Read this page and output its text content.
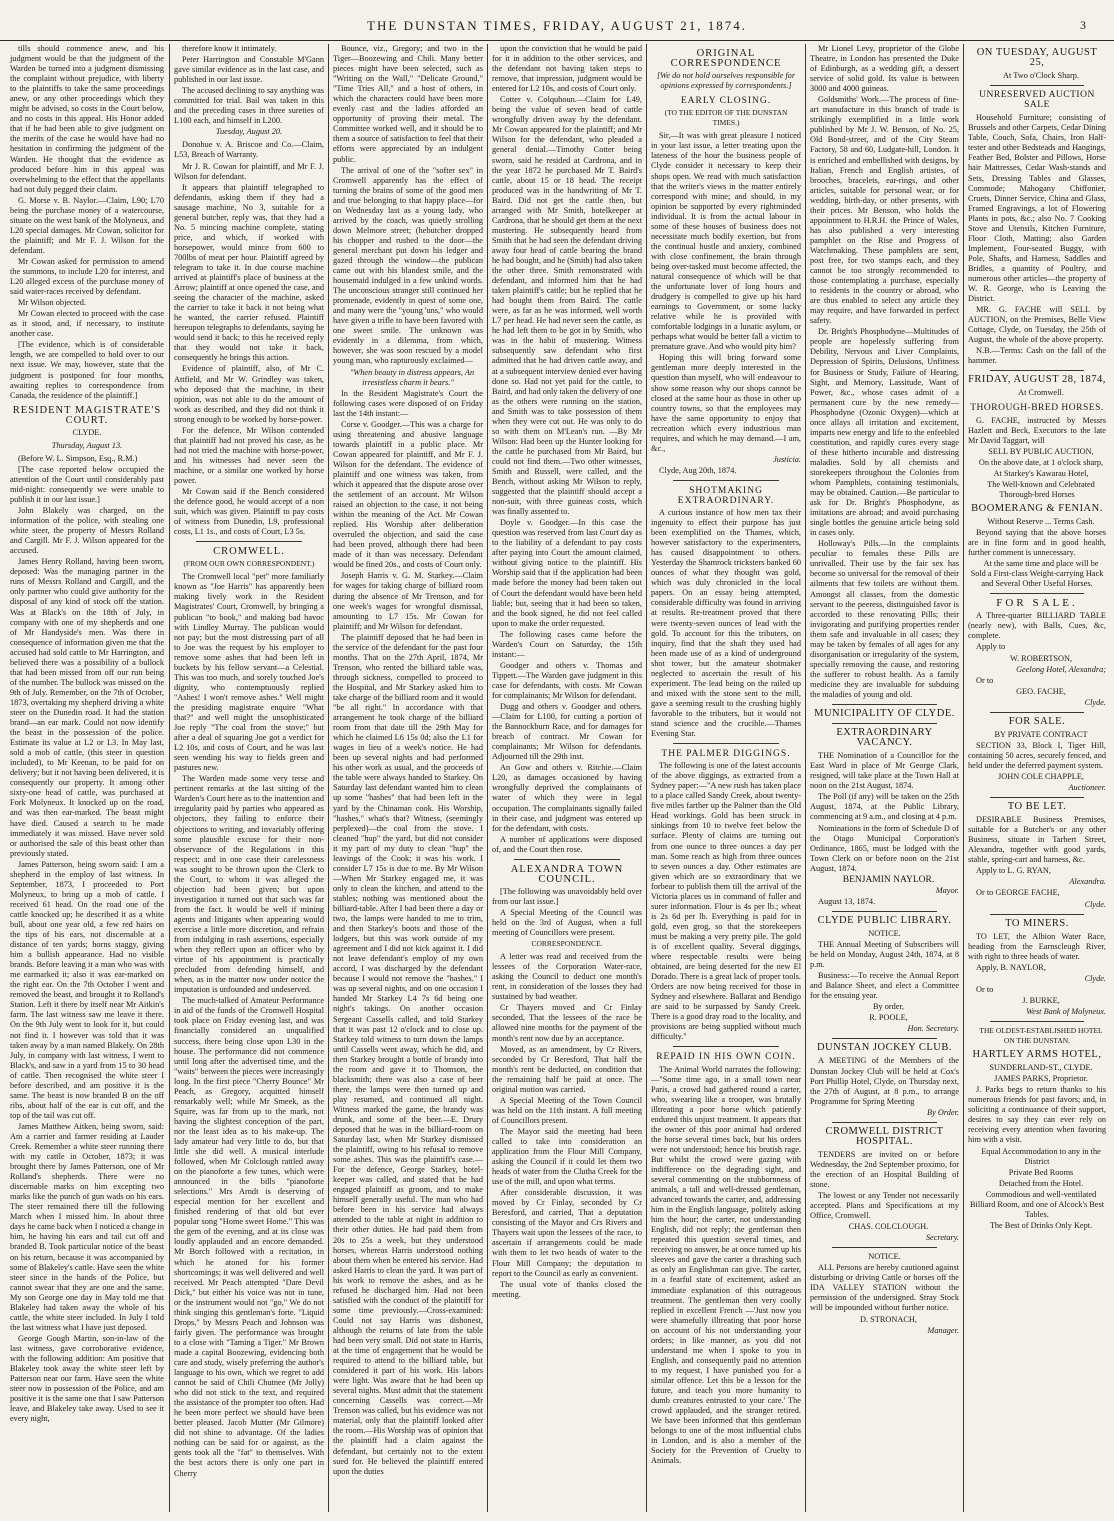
THE DUNSTAN TIMES, FRIDAY, AUGUST 21, 1874.	3

tills should commence anew, and his judgment would be that the judgment of the Warden be turned into a judgment dismissing the complaint without prejudice, with liberty to the plaintiffs to take the same proceedings anew, or any other proceedings which they might be advised, so costs in the Court below, and no costs in this appeal. His Honor added that if he had been able to give judgment on the merits of the case he would have had no hesitation in confirming the judgment of the Warden. He thought that the evidence as produced before him in this appeal was overwhelming to the effect that the appellants had not duly pegged their claim.

G. Morse v. B. Naylor.—Claim, L90; L70 being the purchase money of a watercourse, situate on the west bank of the Molyneux, and L20 special damages. Mr Cowan, solicitor for the plaintiff; and Mr F. J. Wilson for the defendant.

Mr Cowan asked for permission to amend the summons, to include L20 for interest, and L20 alleged excess of the purchase money of said water-races received by defendant.

Mr Wilson objected.

Mr Cowan elected to proceed with the case as it stood, and, if necessary, to institute another case.

[The evidence, which is of considerable length, we are compelled to hold over to our next issue. We may, however, state that the judgment is postponed for four months, awaiting replies to correspondence from Canada, the residence of the plaintiff.]

RESIDENT MAGISTRATE'S COURT.
CLYDE.
Thursday, August 13.

(Before W. L. Simpson, Esq., R.M.)

[The case reported below occupied the attention of the Court until considerably past mid-night: consequently we were unable to publish it in our last issue.]

John Blakely was charged, on the information of the police, with stealing one white steer, the property of Messrs Rolland and Cargill. Mr F. J. Wilson appeared for the accused.

James Henry Rolland, having been sworn, deposed: Was the managing partner in the runs of Messrs Rolland and Cargill, and the only partner who could give authority for the disposal of any kind of stock off the station. Was at Black's on the 18th of July, in company with one of my shepherds and one of Mr Handyside's men. Was there in consequence of information given me that the accused had sold cattle to Mr Harrington, and believed there was a possibility of a bullock that had been missed from off our run being of the number. The bullock was missed on the 9th of July. Remember, on the 7th of October, 1873, overtaking my shepherd driving a white steer on the Dunedin road. It had the station brand—an ear mark. Could not now identify the beast in the possession of the police. Estimate its value at L2 or L3. In May last, sold a mob of cattle, (this steer in question included), to Mr Keenan, to be paid for on delivery; but it not having been delivered, it is consequently our property. It among other sixty-one head of cattle, was purchased at Fork Molyneux. It knocked up on the road, and was then ear-marked. The beast might have died. Caused a search to be made immediately it was missed. Have never sold or authorised the sale of this beast other than previously stated.

James Patterson, being sworn said: I am a shepherd in the employ of last witness. In September, 1873, I proceeded to Port Molyneux, to bring up a mob of cattle. I received 61 head. On the road one of the cattle knocked up; he described it as a white bull, about one year old, a few red hairs on the tips of his ears, not discernable at a distance of ten yards; horns staggy, giving him a bullish appearance. Had no visible brands. Before leaving it a man who was with me earmarked it; also it was ear-marked on the right ear. On the 7th October I went and removed the beast, and brought it to Rolland's Station. Left it there by itself near Mr Aitkin's farm. The last witness saw me leave it there. On the 9th July went to look for it, but could not find it. I however was told that it was taken away by a man named Blakely. On 28th July, in company with last witness, I went to Black's, and saw in a yard from 15 to 30 head of cattle. Then recognised the white steer I before described, and am positive it is the same. The beast is now branded B on the off ribs, about half of the ear is cut off, and the top of the tail was cut off.

James Matthew Aitken, being sworn, said: Am a carrier and farmer residing at Lauder Creek. Remember a white steer running there with my cattle in October, 1873; it was brought there by James Patterson, one of Mr Rolland's shepherds. There were no discernable marks on him excepting two marks like the punch of gun wads on his ears. The steer remained there till the following March when I missed him. In about three days he came back when I noticed a change in him, he having his ears and tail cut off and branded B. Took particular notice of the beast on his return, because it was accompanied by some of Blakeley's cattle. Have seen the white steer since in the hands of the Police, but cannot swear that they are one and the same. My son George one day in May told me that Blakeley had taken away the whole of his cattle, the white steer included. In July I told the last witness what I have just deposed.

George Gough Martin, son-in-law of the last witness, gave corroborative evidence, with the following addition: Am positive that Blakeley took away the white steer left by Patterson near our farm. Have seen the white steer now in possession of the Police, and am positive it is the same one that I saw Patterson leave, and Blakeley take away. Used to see it every night,

therefore know it intimately.

Peter Harrington and Constable M'Gann gave similar evidence as in the last case, and published in our last issue.

The accused declining to say anything was committed for trial. Bail was taken in this and the preceding cases in three sureties of L100 each, and himself in L200.

Tuesday, August 20.

Donohue v. A. Briscoe and Co.—Claim, L53, Breach of Warranty.

Mr J. R. Cowan for plaintiff, and Mr F. J. Wilson for defendant.

It appears that plaintiff telegraphed to defendants, asking them if they had a sausage machine, No 3, suitable for a general butcher, reply was, that they had a No. 5 mincing machine complete, stating price, and which, if worked with horsepower, would mince from 600 to 700lbs of meat per hour. Plaintiff agreed by telegram to take it. In due course machine arrived at plaintiff's place of business at the Arrow; plaintiff at once opened the case, and seeing the character of the machine, asked the carrier to take it back it not being what he wanted, the carrier refused. Plaintiff hereupon telegraphs to defendants, saying he would send it back; to this he received reply that they would not take it back, consequently he brings this action.

Evidence of plaintiff, also, of Mr C. Attfield, and Mr W. Grindley was taken, who deposed that the machine, in their opinion, was not able to do the amount of work as described, and they did not think it strong enough to be worked by horse-power.

For the defence, Mr Wilson contended that plaintiff had not proved his case, as he had not tried the machine with horse-power, and his witnesses had never seen the machine, or a similar one worked by horse power.

Mr Cowan said if the Bench considered the defence good, he would accept of a non suit, which was given. Plaintiff to pay costs of witness from Dunedin, L9, professional costs, L1 1s., and costs of Court, L3 5s.

CROMWELL.
(FROM OUR OWN CORRESPONDENT.)

The Cromwell local "pet" more familiarly known as "Joe Harris" has apparently been making lively work in the Resident Magistrates' Court, Cromwell, by bringing a publican "to book," and making bad havoc with Lindley Murray. The publican would not pay; but the most distressing part of all to Joe was the request by his employer to remove some ashes that had been left in buckets by his fellow servant—a Celestial. This was too much, and sorely touched Joe's dignity, who contemptuously replied "Ashes! I won't remove ashes." Well might the presiding magistrate enquire "What that?" and well might the unsophisticated Joe reply "The coal from the stove;" but after a deal of squaring Joe got a verdict for L2 10s, and costs of Court, and he was last seen wending his way to fields green and pastures new.

The Warden made some very terse and pertinent remarks at the last sitting of the Warden's Court here as to the inattention and irregularity paid by parties who appeared as objectors, they failing to enforce their objections to writing, and invariably offering some plausible excuse for their non-observance of the Regulations in this respect; and in one case their carelessness was sought to be thrown upon the Clerk to the Court, to whom it was alleged the objection had been given; but upon investigation it turned out that such was far from the fact. It would be well if mining agents and litigants when appearing would exercise a little more discretion, and refrain from indulging in rash assertions, especially when they reflect upon an officer who by virtue of his appointment is practically precluded from defending himself, and when, as in the matter now under notice the imputation is unfounded and undeserved.

The much-talked of Amateur Performance in aid of the funds of the Cromwell Hospital took place on Friday evening last, and was financially considered an unqualified success, there being close upon L30 in the house. The performance did not commence until long after the advertised time, and the "waits" between the pieces were increasingly long. In the first piece "Cherry Bounce" Mr Peach, as Gregory, acquitted himself remarkably well; while Mr Smeek, as the Squire, was far from up to the mark, not having the slightest conception of the part, nor the least idea as to his make-up. The lady amateur had very little to do, but that little she did well. A musical interlude followed, when Mr Colclough rattled away on the pianoforte a few tunes, which were announced in the bills "pianoforte selections." Mrs Arndt is deserving of especial mention for her excellent and finished rendering of that old but ever popular song "Home sweet Home." This was the gem of the evening, and at its close was loudly applauded and an encore demanded. Mr Borch followed with a recitation, in which he atoned for his former shortcomings; it was well delivered and well received. Mr Peach attempted "Dare Devil Dick," but either his voice was not in tune, or the instrument would not "go," We do not think singing this gentleman's forte. "Liquid Drops," by Messrs Peach and Johnson was fairly given. The performance was brought to a close with "Taming a Tiger." Mr Brown made a capital Boozewing, evidencing both care and study, wisely preferring the author's language to his own, which we regret to add cannot be said of Chili Chutnee (Mr Jolly) who did not stick to the text, and required the assistance of the prompter too often. Had he been more perfect we should have been better pleased. Jacob Mutter (Mr Gilmore) did not shine to advantage. Of the ladies nothing can be said for or against, as the gents took all the "fat" to themselves. With the best actors there is only one part in Cherry

Bounce, viz., Gregory; and two in the Tiger—Boozewing and Chili. Many better pieces might have been selected, such as "Writing on the Wall," "Delicate Ground," "Time Tries All," and a host of others, in which the characters could have been more evenly cast and the ladies afforded an opportunity of proving their metal. The Committee worked well, and it should be to them a source of satisfaction to feel that their efforts were appreciated by an indulgent public.

The arrival of one of the "softer sex" in Cromwell apparently has the effect of turning the brains of some of the good men and true belonging to that happy place—for on Wednesday last as a young lady, who arrived by the coach, was quietly strolling down Melmore street; (hebutcher dropped his chopper and rushed to the door—the general merchant put down his ledger and gazed through the window—the publican came out with his blandest smile, and the housemaid indulged in a few unkind words. The unconscious stranger still continued her promenade, evidently in quest of some one, and many were the "young 'uns," who would have given a trifle to have been favored with one sweet smile. The unknown was evidently in a dilemma, from which, however, she was soon rescued by a model young man, who rapturously exclaimed—

"When beauty in distress appears, An irresistless charm it bears."

In the Resident Magistrate's Court the following cases were disposed of on Friday last the 14th instant:—

Corse v. Goodger.—This was a charge for using threatening and abusive language towards plaintiff in a public place. Mr Cowan appeared for plaintiff, and Mr F. J. Wilson for the defendant. The evidence of plaintiff and one witness was taken, from which it appeared that the dispute arose over the settlement of an account. Mr Wilson raised an objection to the case, it not being within the meaning of the Act. Mr Cowan replied. His Worship after deliberation overruled the objection, and said the case had been proved, although there had been made of it than was necessary. Defendant would be fined 20s., and costs of Court only.

Joseph Harris v. G. M. Starkey.—Claim for wages for taking charge of billiard room during the absence of Mr Trenson, and for one week's wages for wrongful dismissal, amounting to L7 15s. Mr Cowan for plaintiff; and Mr Wilson for defendant.

The plaintiff deposed that he had been in the service of the defendant for the past four months. That on the 27th April, 1874, Mr Trenson, who rented the billiard table was, through sickness, compelled to proceed to the Hospital, and Mr Starkey asked him to take charge of the billiard room and it would "be all right." In accordance with that arrangement he took charge of the billiard room from that date till the 29th May for which he claimed L6 15s 0d; also the L1 for wages in lieu of a week's notice. He had been up several nights and had performed his other work as usual, and the proceeds of the table were always handed to Starkey. On Saturday last defendant wanted him to clean up some "hashes" that had been left in the yard by the Chinaman cook. His Worship, "hashes," what's that? Witness, (seemingly perplexed)—the coal from the stove. I cleaned "hup" the yard, but did not consider it my part of my duty to clean "hup" the leavings of the Cook; it was his work. I consider L7 15s is due to me. By Mr Wilson—When Mr Starkey engaged me, it was only to clean the kitchen, and attend to the stables; nothing was mentioned about the billiard-table. After I had been there a day or two, the lamps were handed to me to trim, and then Starkey's boots and those of the lodgers, but this was work outside of my agreement and I did not kick against it. I did not leave defendant's employ of my own accord, I was discharged by the defendant because I would not remove the "hashes." I was up several nights, and on one occasion I handed Mr Starkey L4 7s 6d being one night's takings. On another occasion Sergeant Cassells called, and told Starkey that it was past 12 o'clock and to close up. Starkey told witness to turn down the lamps until Cassells went away, which he did, and then Starkey brought a bottle of brandy into the room and gave it to Thomson, the blacksmith; there was also a case of beer there, the lamps were then turned up and play resumed, and continued all night. Witness marked the game, the brandy was drunk, and some of the beer.—E. Drury deposed that he was in the billiard-room on Saturday last, when Mr Starkey dismissed the plaintiff, owing to his refusal to remove some ashes. This was the plaintiff's case.—For the defence, George Starkey, hotel-keeper was called, and stated that he had engaged plaintiff as groom, and to make himself generally useful. The man who had before been in his service had always attended to the table at night in addition to their other duties. He had paid them from 20s to 25s a week, but they understood horses, whereas Harris understood nothing about them when he entered his service. Had asked Harris to clean the yard. It was part of his work to remove the ashes, and as he refused he discharged him. Had not been satisfied with the conduct of the plaintiff for some time previously.—Cross-examined: Could not say Harris was dishonest, although the returns of late from the table had been very small. Did not state to Harris, at the time of engagement that he would be required to attend to the billiard table, but considered it part of his work. His labors were light. Was aware that he had been up several nights. Must admit that the statement concerning Cassells was correct.—Mr Trenson was called, but his evidence was not material, only that the plaintiff looked after the room.—His Worship was of opinion that the plaintiff had a claim against the defendant, but certainly not to the extent sued for. He believed the plaintiff entered upon the duties

upon the conviction that he would be paid for it in addition to the other services, and the defendant not having taken steps to remove, that impression, judgment would be entered for L2 10s, and costs of Court only.

Cotter v. Colquhoun.—Claim for L49, being the value of seven head of cattle wrongfully driven away by the defendant. Mr Cowan appeared for the plaintiff; and Mr Wilson for the defendant, who pleaded a general denial.—Timothy Cotter being sworn, said he resided at Cardrona, and in the year 1872 he purchased Mr T. Baird's cattle, about 15 or 18 head. The receipt produced was in the handwriting of Mr T. Baird. Did not get the cattle then, but arranged with Mr Smith, hotelkeeper at Cardrona, that he should get them at the next mustering. He subsequently heard from Smith that he had seen the defendant driving away four head of cattle bearing the brand he had bought, and he (Smith) had also taken the other three. Smith remonstrated with defendant, and informed him that he had taken plaintiff's cattle; but he replied that he had bought them from Baird. The cattle were, as far as he was informed, well worth L7 per head. He had never seen the cattle, as he had left them to be got in by Smith, who was in the habit of mustering. Witness subsequently saw defendant who first admitted that he had driven cattle away, and at a subsequent interview denied ever having done so. Had not yet paid for the cattle, to Baird, and had only taken the delivery of one as the others were running on the station, and Smith was to take possession of them when they were cut out. He was only to do so with them on M'Lean's run. —By Mr Wilson: Had been up the Hunter looking for the cattle he purchased from Mr Baird, but could not find them.—Two other witnesses, Smith and Russell, were called, and the Bench, without asking Mr Wilson to reply, suggested that the plaintiff should accept a non-suit, with three guineas costs, which was finally assented to.

Doyle v. Goodger.—In this case the question was reserved from last Court day as to the liability of a defendant to pay costs after paying into Court the amount claimed, without giving notice to the plaintiff. His Worship said that if the application had been made before the money had been taken out of Court the defendant would have been held liable; but, seeing that it had been so taken, and the book signed, he did not feel called upon to make the order requested.

The following cases came before the Warden's Court on Saturday, the 15th instant:—

Goodger and others v. Thomas and Tippett.—The Warden gave judgment in this case for defendants, with costs. Mr Cowan for complainants; Mr Wilson for defendant.

Dugg and others v. Goodger and others. —Claim for L100, for cutting a portion of the Bannockburn Race, and for damages for breach of contract. Mr Cowan for complainants; Mr Wilson for defendants. Adjourned till the 29th inst.

An Gow and others v. Ritchie.—Claim L20, as damages occasioned by having wrongfully deprived the complainants of water of which they were in legal occupation. The complainants signally failed in their case, and judgment was entered up for the defendant, with costs.

A number of applications were disposed of, and the Court then rose.

ALEXANDRA TOWN COUNCIL.

[The following was unavoidably held over from our last issue.]

A Special Meeting of the Council was held on the 3rd of August, when a full meeting of Councillors were present.

CORRESPONDENCE.

A letter was read and received from the lessees of the Corporation Water-race, asking the Council to deduct one month's rent, in consideration of the losses they had sustained by bad weather.

Cr Thayers moved and Cr Finlay seconded, That the lessees of the race be allowed nine months for the payment of the month's rent now due by an acceptance.

Moved, as an amendment, by Cr Rivers, seconded by Cr Beresford, That half the month's rent be deducted, on condition that the remaining half be paid at once. The original motion was carried.

A Special Meeting of the Town Council was held on the 11th instant. A full meeting of Councillors present.

The Mayor said the meeting had been called to take into consideration an application from the Flour Mill Company, asking the Council if it could let them two heads of water from the Clutha Creek for the use of the mill, and upon what terms.

After considerable discussion, it was moved by Cr Finlay, seconded by Cr Beresford, and carried, That a deputation consisting of the Mayor and Crs Rivers and Thayers wait upon the lessees of the race, to ascertain if arrangements could be made with them to let two heads of water to the Flour Mill Company; the deputation to report to the Council as early as convenient.

The usual vote of thanks closed the meeting.

ORIGINAL CORRESPONDENCE
[We do not hold ourselves responsible for opinions expressed by correspondents.]
EARLY CLOSING.
(TO THE EDITOR OF THE DUNSTAN TIMES.)

Sir,—It was with great pleasure I noticed in your last issue, a letter treating upon the lateness of the hour the business people of Clyde consider it necessary to keep their shops open. We read with much satisfaction that the writer's views in the matter entirely correspond with mine; and should, in my opinion be supported by every rightminded individual. It is from the actual labour in some of these houses of business does not necessitate much bodily exertion, but from the continual hustle and anxiety, combined with close confinement, the brain through being over-tasked must become affected, the natural consequence of which will be that the unfortunate lover of long hours and drudgery is compelled to give up his hard earnings to Government, or some lucky relative while he is provided with comfortable lodgings in a lunatic asylum, or perhaps what would be better fall a victim to premature grave. And who would pity him?

Hoping this will bring forward some gentleman more deeply interested in the question than myself, who will endeavour to show some reason why our shops cannot be closed at the same hour as those in other up country towns, so that the employees may have the same opportunity to enjoy that recreation which every industrious man requires, and which he may demand.—I am, &c.,

Justicia.

Clyde, Aug 20th, 1874.

SHOTMAKING EXTRAORDINARY.

A curious instance of how men tax their ingenuity to effect their purpose has just been exemplified on the Thames, which, however satisfactory to the experimenters, has caused disappointment to others. Yesterday the Shamrock tricksters banked 60 ounces of what they thought was gold, which was duly chronicled in the local papers. On an essay being attempted, considerable difficulty was found in arriving at results. Re-treatment proved that there were twenty-seven ounces of lead with the gold. To account for this the tributers, on inquiry, find that the shaft they used had been made use of as a kind of underground shot tower, but the amateur shotmaker neglected to ascertain the result of his experiment. The lead being on the railed up and mixed with the stone sent to the mill, gave a seeming result to the crushing highly favorable to the tributers, but it would not stand science and the crucible.—Thames Evening Star.

THE PALMER DIGGINGS.

The following is one of the latest accounts of the above diggings, as extracted from a Sydney paper:—"A new rush has taken place to a place called Sandy Creek, about twenty-five miles farther up the Palmer than the Old Head workings. Gold has been struck in sinkings from 10 to twelve feet below the surface. Plenty of claims are turning out from one ounce to three ounces a day per man. Some reach as high from three ounces to seven ounces a day. Other estimates are given which are so extraordinary that we forbear to publish them till the arrival of the Victoria places us in command of fuller and surer information. Flour is 4s per lb.; wheat is 2s 6d per lb. Everything is paid for in gold, even grog, so that the storekeepers must be making a very pretty pile. The gold is of excellent quality. Several diggings, where respectable results were being obtained, are being deserted for the new El Dorado. There is a great lack of proper tools. Orders are now being received for those in Sydney and elsewhere. Ballarat and Bendigo are said to be surpassed by Sandy Creek. There is a good dray road to the locality, and provisions are being supplied without much difficulty."

REPAID IN HIS OWN COIN.

The Animal World narrates the following:—"Some time ago, in a small town near Paris, a crowd had gathered round a carter, who, swearing like a trooper, was brutally illtreating a poor horse which patiently endured this unjust treatment. It appears that the owner of this poor animal had ordered the horse several times back, but his orders were not understood; hence his brutish rage. But whilst the crowd were gazing with indifference on the degrading sight, and several commenting on the stubbornness of animals, a tall and well-dressed gentleman, advanced towards the carter, and, addressing him in the English language, politely asking him the hour; the carter, not understanding English, did not reply; the gentleman then repeated this question several times, and receiving no answer, he at once turned up his sleeves and gave the carter a thrashing such as only an Englishman can give. The carter, in a fearful state of excitement, asked an immediate explanation of this outrageous treatment. The gentleman then very coolly replied in excellent French —'Just now you were shamefully illtreating that poor horse on account of his not understanding your orders; in like manner, as you did not understand me when I spoke to you in English, and consequently paid no attention to my request, I have punished you for a similar offence. Let this be a lesson for the future, and teach you more humanity to dumb creatures entrusted to your care.' The crowd applauded, and the stranger retired. We have been informed that this gentleman belongs to one of the most influential clubs in London, and is also a member of the Society for the Prevention of Cruelty to Animals.

Mr Lionel Levy, proprietor of the Globe Theatre, in London has presented the Duke of Edinburgh, as a wedding gift, a dessert service of solid gold. Its value is between 3000 and 4000 guineas.

Goldsmiths' Work.—The process of fine-art manufacture in this branch of trade is strikingly exemplified in a little work published by Mr J. W. Benson, of No. 25, Old Bond-street, and of the City Steam Factory, 58 and 60, Ludgate-hill, London. It is enriched and embellished with designs, by Italian, French and English artistes, of brooches, bracelets, ear-rings, and other articles, suitable for personal wear, or for wedding, birth-day, or other presents, with their prices. Mr Benson, who holds the appointment to H.R.H. the Prince of Wales, has also published a very interesting pamphlet on the Rise and Progress of Watchmaking. These pamphlets are sent, post free, for two stamps each, and they cannot be too strongly recommended to those contemplating a purchase, especially to residents in the country or abroad, who are thus enabled to select any article they may require, and have forwarded in perfect safety.

Dr. Bright's Phosphodyne—Multitudes of people are hopelessly suffering from Debility, Nervous and Liver Complaints, Depression of Spirits, Delusions, Unfitness for Business or Study, Failure of Hearing, Sight, and Memory, Lassitude, Want of Power, &c., whose cases admit of a permanent cure by the new remedy—Phosphodyne (Ozonic Oxygen)—which at once allays all irritation and excitement, imparts new energy and life to the enfeebled constitution, and rapidly cures every stage of these hitherto incurable and distressing maladies. Sold by all chemists and storekeepers throughout the Colonies from whom Pamphlets, containing testimonials, may be obtained. Caution.—Be particular to ask for Dr. Bright's Phosphodyne, as imitations are abroad; and avoid purchasing single bottles the genuine article being sold in cases only.

Holloway's Pills.—In the complaints peculiar to females these Pills are unrivalled. Their use by the fair sex has become so universal for the removal of their ailments that few toilets are without them. Amongst all classes, from the domestic servant to the peeress, distinguished favor is accorded to these renovating Pills; their invigorating and purifying properties render them safe and invaluable in all cases; they may be taken by females of all ages for any disorganisation or irregularity of the system, specially removing the cause, and restoring the sufferer to robust health. As a family medicine they are invaluable for subduing the maladies of young and old.

MUNICIPALITY OF CLYDE.
EXTRAORDINARY VACANCY.

THE Nomination of a Councillor for the East Ward in place of Mr George Clark, resigned, will take place at the Town Hall at noon on the 21st August, 1874.

The Poll (if any) will be taken on the 25th August, 1874, at the Public Library, commencing at 9 a.m., and closing at 4 p.m.

Nominations in the form of Schedule D of the Otago Municipal Corporation's Ordinance, 1865, must be lodged with the Town Clerk on or before noon on the 21st August, 1874.

BENJAMIN NAYLOR.

Mayor.

August 13, 1874.

CLYDE PUBLIC LIBRARY.
NOTICE.

THE Annual Meeting of Subscribers will be held on Monday, August 24th, 1874, at 8 p.m.

Business:—To receive the Annual Report and Balance Sheet, and elect a Committee for the ensuing year.

By order,

R. POOLE,

Hon. Secretary.

DUNSTAN JOCKEY CLUB.

A MEETING of the Members of the Dunstan Jockey Club will be held at Cox's Port Phillip Hotel, Clyde, on Thursday next, the 27th of August, at 8 p.m., to arrange Programme for Spring Meeting

By Order.

CROMWELL DISTRICT HOSPITAL.

TENDERS are invited on or before Wednesday, the 2nd September proximo, for the erection of an Hospital Building of stone.

The lowest or any Tender not necessarily accepted. Plans and Specifications at my Office, Cromwell.

CHAS. COLCLOUGH.

Secretary.

NOTICE.

ALL Persons are hereby cautioned against disturbing or driving Cattle or horses off the IDA VALLEY STATION without the permission of the undersigned. Stray Stock will be impounded without further notice.

D. STRONACH,

Manager.

ON TUESDAY, AUGUST 25,

At Two o'Clock Sharp.

UNRESERVED AUCTION SALE

Household Furniture; consisting of Brussels and other Carpets, Cedar Dining Table, Couch, Sofa, Chairs, Iron Half-tester and other Bedsteads and Hangings, Feather Bed, Bolster and Pillows, Horse hair Mattresses, Cedar Wash-stands and Sets, Dressing Tables and Glasses, Commode; Mahogany Chiffonier, Cruets, Dinner Service, China and Glass, Framed Engravings, a lot of Flowering Plants in pots, &c.; also No. 7 Cooking Stove and Utensils, Kitchen Furniture, Floor Cloth, Matting; also Garden Implement, Four-seated Buggy, with Pole, Shafts, and Harness, Saddles and Bridles, a quantity of Poultry, and numerous other articles—the property of W. R. George, who is Leaving the District.

MR. G. FACHE will SELL by AUCTION, on the Premises, Belle View Cottage, Clyde, on Tuesday, the 25th of August, the whole of the above property.

N.B.—Terms: Cash on the fall of the hammer.

FRIDAY, AUGUST 28, 1874,

At Cromwell.

THOROUGH-BRED HORSES.

G. FACHE, instructed by Messrs Hazlett and Beck, Executors to the late Mr David Taggart, will

SELL BY PUBLIC AUCTION,

On the above date, at 1 o'clock sharp,

At Starkey's Kawarau Hotel,

The Well-known and Celebrated Thorough-bred Horses

BOOMERANG & FENIAN.

Without Reserve ... Terms Cash.

Beyond saying that the above horses are in fine form and in good health, further comment is unnecessary.

At the same time and place will be Sold a First-class Weight-carrying Hack and Several Other Useful Horses.

FOR SALE.

A Three-quarter BILLIARD TABLE (nearly new), with Balls, Cues, &c, complete.

Apply to

W. ROBERTSON,

Geelong Hotel, Alexandra;

Or to

GEO. FACHE,

Clyde.

FOR SALE.

BY PRIVATE CONTRACT

SECTION 33, Block I, Tiger Hill, containing 50 acres, securely fenced, and held under the deferred payment system.

JOHN COLE CHAPPLE,

Auctioneer.

TO BE LET.

DESIRABLE Business Premises, suitable for a Butcher's or any other Business, situate in Tarbert Street, Alexandra, together with good yards, stable, spring-cart and harness, &c.

Apply to L. G. RYAN,

Alexandra.

Or to GEORGE FACHE,

Clyde.

TO MINERS.

TO LET, the Albion Water Race, heading from the Earnscleugh River, with right to three heads of water.

Apply, B. NAYLOR,

Clyde.

Or to

J. BURKE,

West Bank of Molyneux.

THE OLDEST-ESTABLISHED HOTEL ON THE DUNSTAN.

HARTLEY ARMS HOTEL,

SUNDERLAND-ST., CLYDE.

JAMES PARKS, Proprietor.

J. Parks begs to return thanks to his numerous friends for past favors; and, in soliciting a continuance of their support, desires to say they can ever rely on receiving every attention when favoring him with a visit.

Equal Accommodation to any in the District

Private Bed Rooms

Detached from the Hotel.

Commodious and well-ventilated Billiard Room, and one of Alcock's Best Tables.

The Best of Drinks Only Kept.
